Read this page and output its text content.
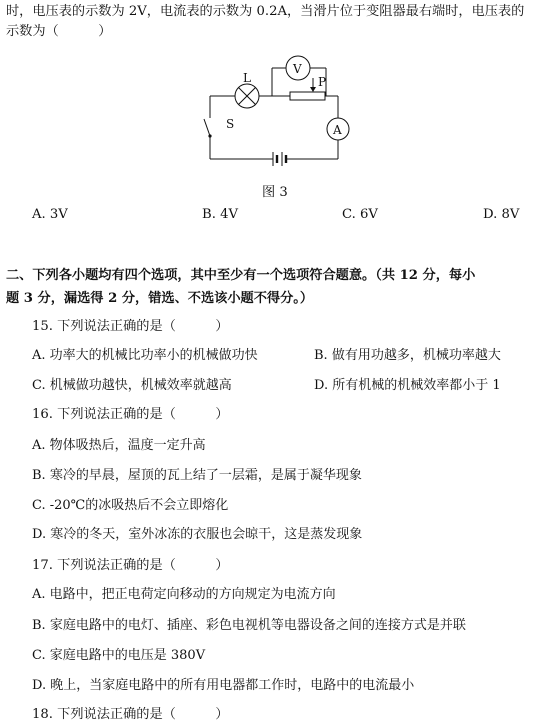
时，电压表的示数为 2V，电流表的示数为 0.2A，当滑片位于变阻器最右端时，电压表的
示数为（　　　）
L
V
P
A
S
图 3
A. 3V	B. 4V	C. 6V	D. 8V
二、下列各小题均有四个选项，其中至少有一个选项符合题意。（共 12 分，每小
题 3 分，漏选得 2 分，错选、不选该小题不得分。）
15. 下列说法正确的是（　　　）
A. 功率大的机械比功率小的机械做功快	B. 做有用功越多，机械功率越大
C. 机械做功越快，机械效率就越高	D. 所有机械的机械效率都小于 1
16. 下列说法正确的是（　　　）
A. 物体吸热后，温度一定升高
B. 寒冷的早晨，屋顶的瓦上结了一层霜，是属于凝华现象
C. -20℃的冰吸热后不会立即熔化
D. 寒冷的冬天，室外冰冻的衣服也会晾干，这是蒸发现象
17. 下列说法正确的是（　　　）
A. 电路中，把正电荷定向移动的方向规定为电流方向
B. 家庭电路中的电灯、插座、彩色电视机等电器设备之间的连接方式是并联
C. 家庭电路中的电压是 380V
D. 晚上，当家庭电路中的所有用电器都工作时，电路中的电流最小
18. 下列说法正确的是（　　　）
